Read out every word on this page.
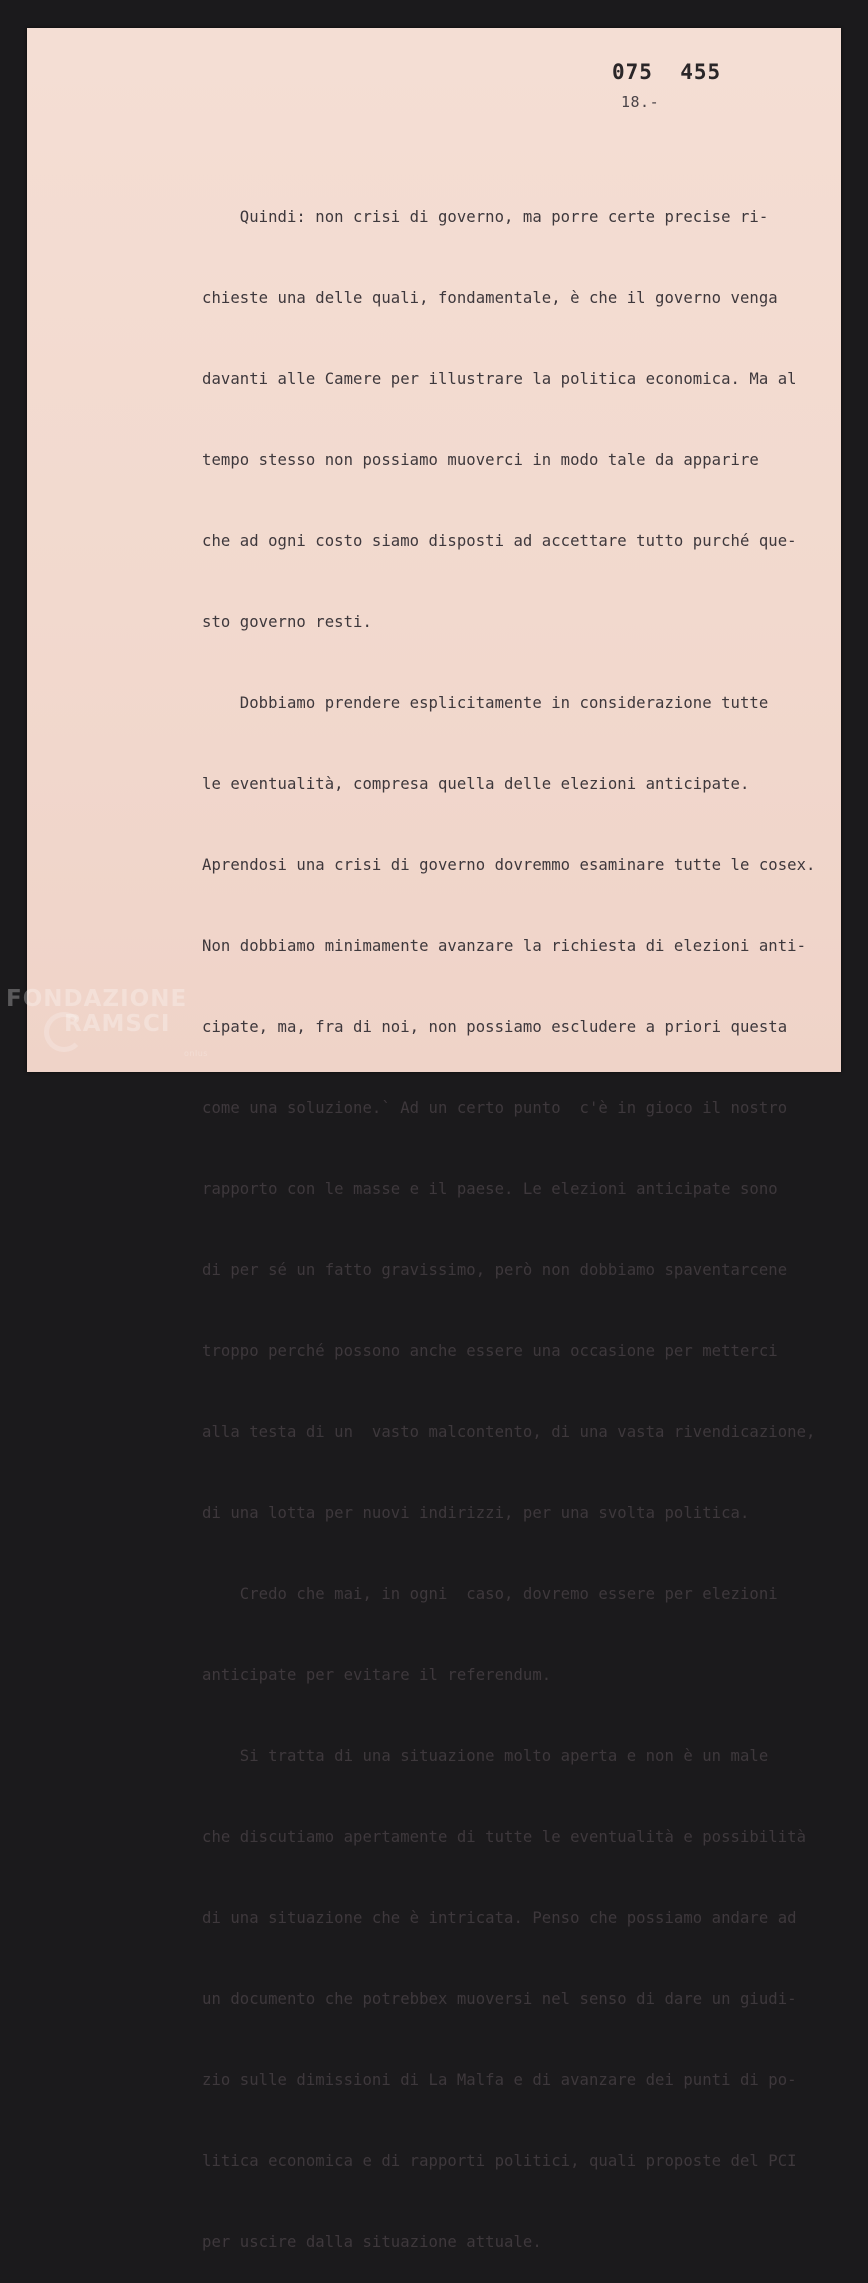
075  455
18.-

Quindi: non crisi di governo, ma porre certe precise ri-

chieste una delle quali, fondamentale, è che il governo venga

davanti alle Camere per illustrare la politica economica. Ma al

tempo stesso non possiamo muoverci in modo tale da apparire

che ad ogni costo siamo disposti ad accettare tutto purché que-

sto governo resti.

Dobbiamo prendere esplicitamente in considerazione tutte

le eventualità, compresa quella delle elezioni anticipate.

Aprendosi una crisi di governo dovremmo esaminare tutte le cosex.

Non dobbiamo minimamente avanzare la richiesta di elezioni anti-

cipate, ma, fra di noi, non possiamo escludere a priori questa

come una soluzione.` Ad un certo punto  c'è in gioco il nostro

rapporto con le masse e il paese. Le elezioni anticipate sono

di per sé un fatto gravissimo, però non dobbiamo spaventarcene

troppo perché possono anche essere una occasione per metterci

alla testa di un  vasto malcontento, di una vasta rivendicazione,

di una lotta per nuovi indirizzi, per una svolta politica.

Credo che mai, in ogni  caso, dovremo essere per elezioni

anticipate per evitare il referendum.

Si tratta di una situazione molto aperta e non è un male

che discutiamo apertamente di tutte le eventualità e possibilità

di una situazione che è intricata. Penso che possiamo andare ad

un documento che potrebbex muoversi nel senso di dare un giudi-

zio sulle dimissioni di La Malfa e di avanzare dei punti di po-

litica economica e di rapporti politici, quali proposte del PCI

per uscire dalla situazione attuale.

FONDAZIONE
RAMSCI
onlus
